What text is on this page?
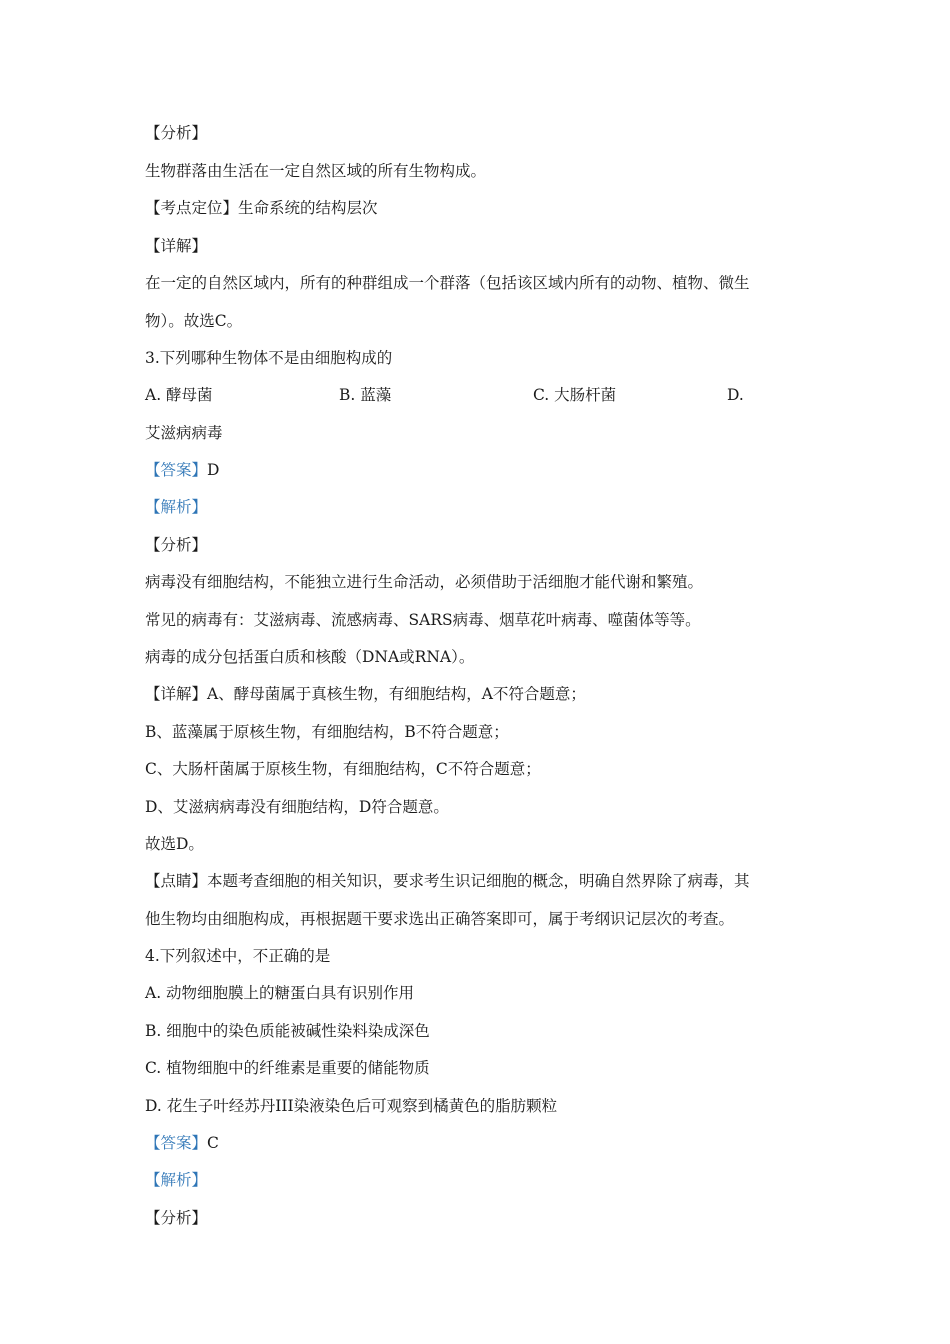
【分析】
生物群落由生活在一定自然区域的所有生物构成。
【考点定位】生命系统的结构层次
【详解】
在一定的自然区域内，所有的种群组成一个群落（包括该区域内所有的动物、植物、微生
物）。故选C。
3.下列哪种生物体不是由细胞构成的
A. 酵母菌	B. 蓝藻	C. 大肠杆菌	D.
艾滋病病毒
【答案】D
【解析】
【分析】
病毒没有细胞结构，不能独立进行生命活动，必须借助于活细胞才能代谢和繁殖。
常见的病毒有：艾滋病毒、流感病毒、SARS病毒、烟草花叶病毒、噬菌体等等。
病毒的成分包括蛋白质和核酸（DNA或RNA）。
【详解】A、酵母菌属于真核生物，有细胞结构，A不符合题意；
B、蓝藻属于原核生物，有细胞结构，B不符合题意；
C、大肠杆菌属于原核生物，有细胞结构，C不符合题意；
D、艾滋病病毒没有细胞结构，D符合题意。
故选D。
【点睛】本题考查细胞的相关知识，要求考生识记细胞的概念，明确自然界除了病毒，其
他生物均由细胞构成，再根据题干要求选出正确答案即可，属于考纲识记层次的考查。
4.下列叙述中，不正确的是
A. 动物细胞膜上的糖蛋白具有识别作用
B. 细胞中的染色质能被碱性染料染成深色
C. 植物细胞中的纤维素是重要的储能物质
D. 花生子叶经苏丹III染液染色后可观察到橘黄色的脂肪颗粒
【答案】C
【解析】
【分析】
